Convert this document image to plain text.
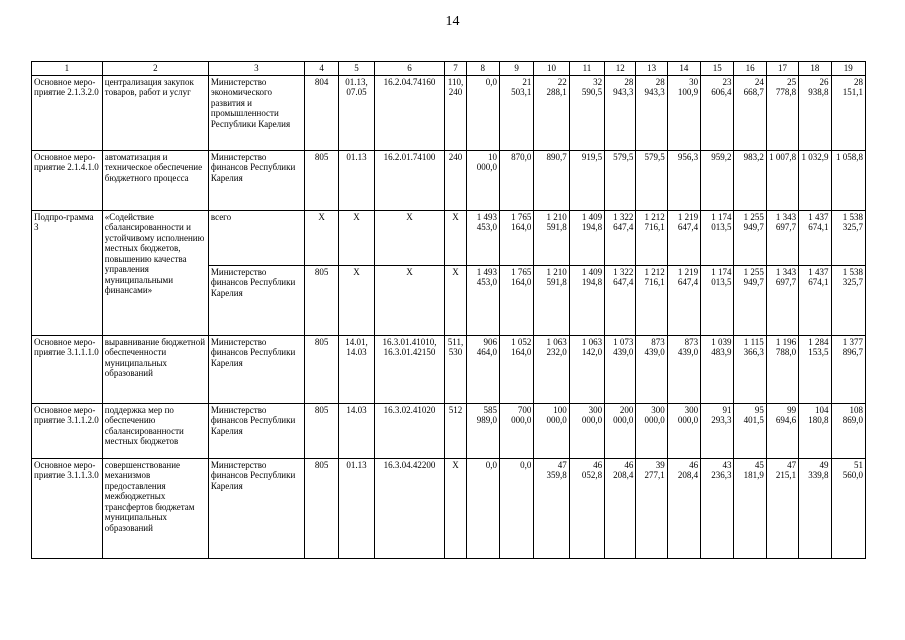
14
1	2	3	4	5	6	7	8	9	10	11	12	13	14	15	16	17	18	19
Основное меро-приятие 2.1.3.2.0	централизация закупок товаров, работ и услуг	Министерство экономического развития и промышленности Республики Карелия	804	01.13, 07.05	16.2.04.74160	110, 240	0,0	21 503,1	22 288,1	32 590,5	28 943,3	28 943,3	30 100,9	23 606,4	24 668,7	25 778,8	26 938,8	28 151,1
Основное меро-приятие 2.1.4.1.0	автоматизация и техническое обеспечение бюджетного процесса	Министерство финансов Республики Карелия	805	01.13	16.2.01.74100	240	10 000,0	870,0	890,7	919,5	579,5	579,5	956,3	959,2	983,2	1 007,8	1 032,9	1 058,8
Подпро-грамма 3	«Содействие сбалансированности и устойчивому исполнению местных бюджетов, повышению качества управления муниципальными финансами»	всего	X	X	X	X	1 493 453,0	1 765 164,0	1 210 591,8	1 409 194,8	1 322 647,4	1 212 716,1	1 219 647,4	1 174 013,5	1 255 949,7	1 343 697,7	1 437 674,1	1 538 325,7
		Министерство финансов Республики Карелия	805	X	X	X	1 493 453,0	1 765 164,0	1 210 591,8	1 409 194,8	1 322 647,4	1 212 716,1	1 219 647,4	1 174 013,5	1 255 949,7	1 343 697,7	1 437 674,1	1 538 325,7
Основное меро-приятие 3.1.1.1.0	выравнивание бюджетной обеспеченности муниципальных образований	Министерство финансов Республики Карелия	805	14.01, 14.03	16.3.01.41010, 16.3.01.42150	511, 530	906 464,0	1 052 164,0	1 063 232,0	1 063 142,0	1 073 439,0	873 439,0	873 439,0	1 039 483,9	1 115 366,3	1 196 788,0	1 284 153,5	1 377 896,7
Основное меро-приятие 3.1.1.2.0	поддержка мер по обеспечению сбалансированности местных бюджетов	Министерство финансов Республики Карелия	805	14.03	16.3.02.41020	512	585 989,0	700 000,0	100 000,0	300 000,0	200 000,0	300 000,0	300 000,0	91 293,3	95 401,5	99 694,6	104 180,8	108 869,0
Основное меро-приятие 3.1.1.3.0	совершенствование механизмов предоставления межбюджетных трансфертов бюджетам муниципальных образований	Министерство финансов Республики Карелия	805	01.13	16.3.04.42200	X	0,0	0,0	47 359,8	46 052,8	46 208,4	39 277,1	46 208,4	43 236,3	45 181,9	47 215,1	49 339,8	51 560,0
